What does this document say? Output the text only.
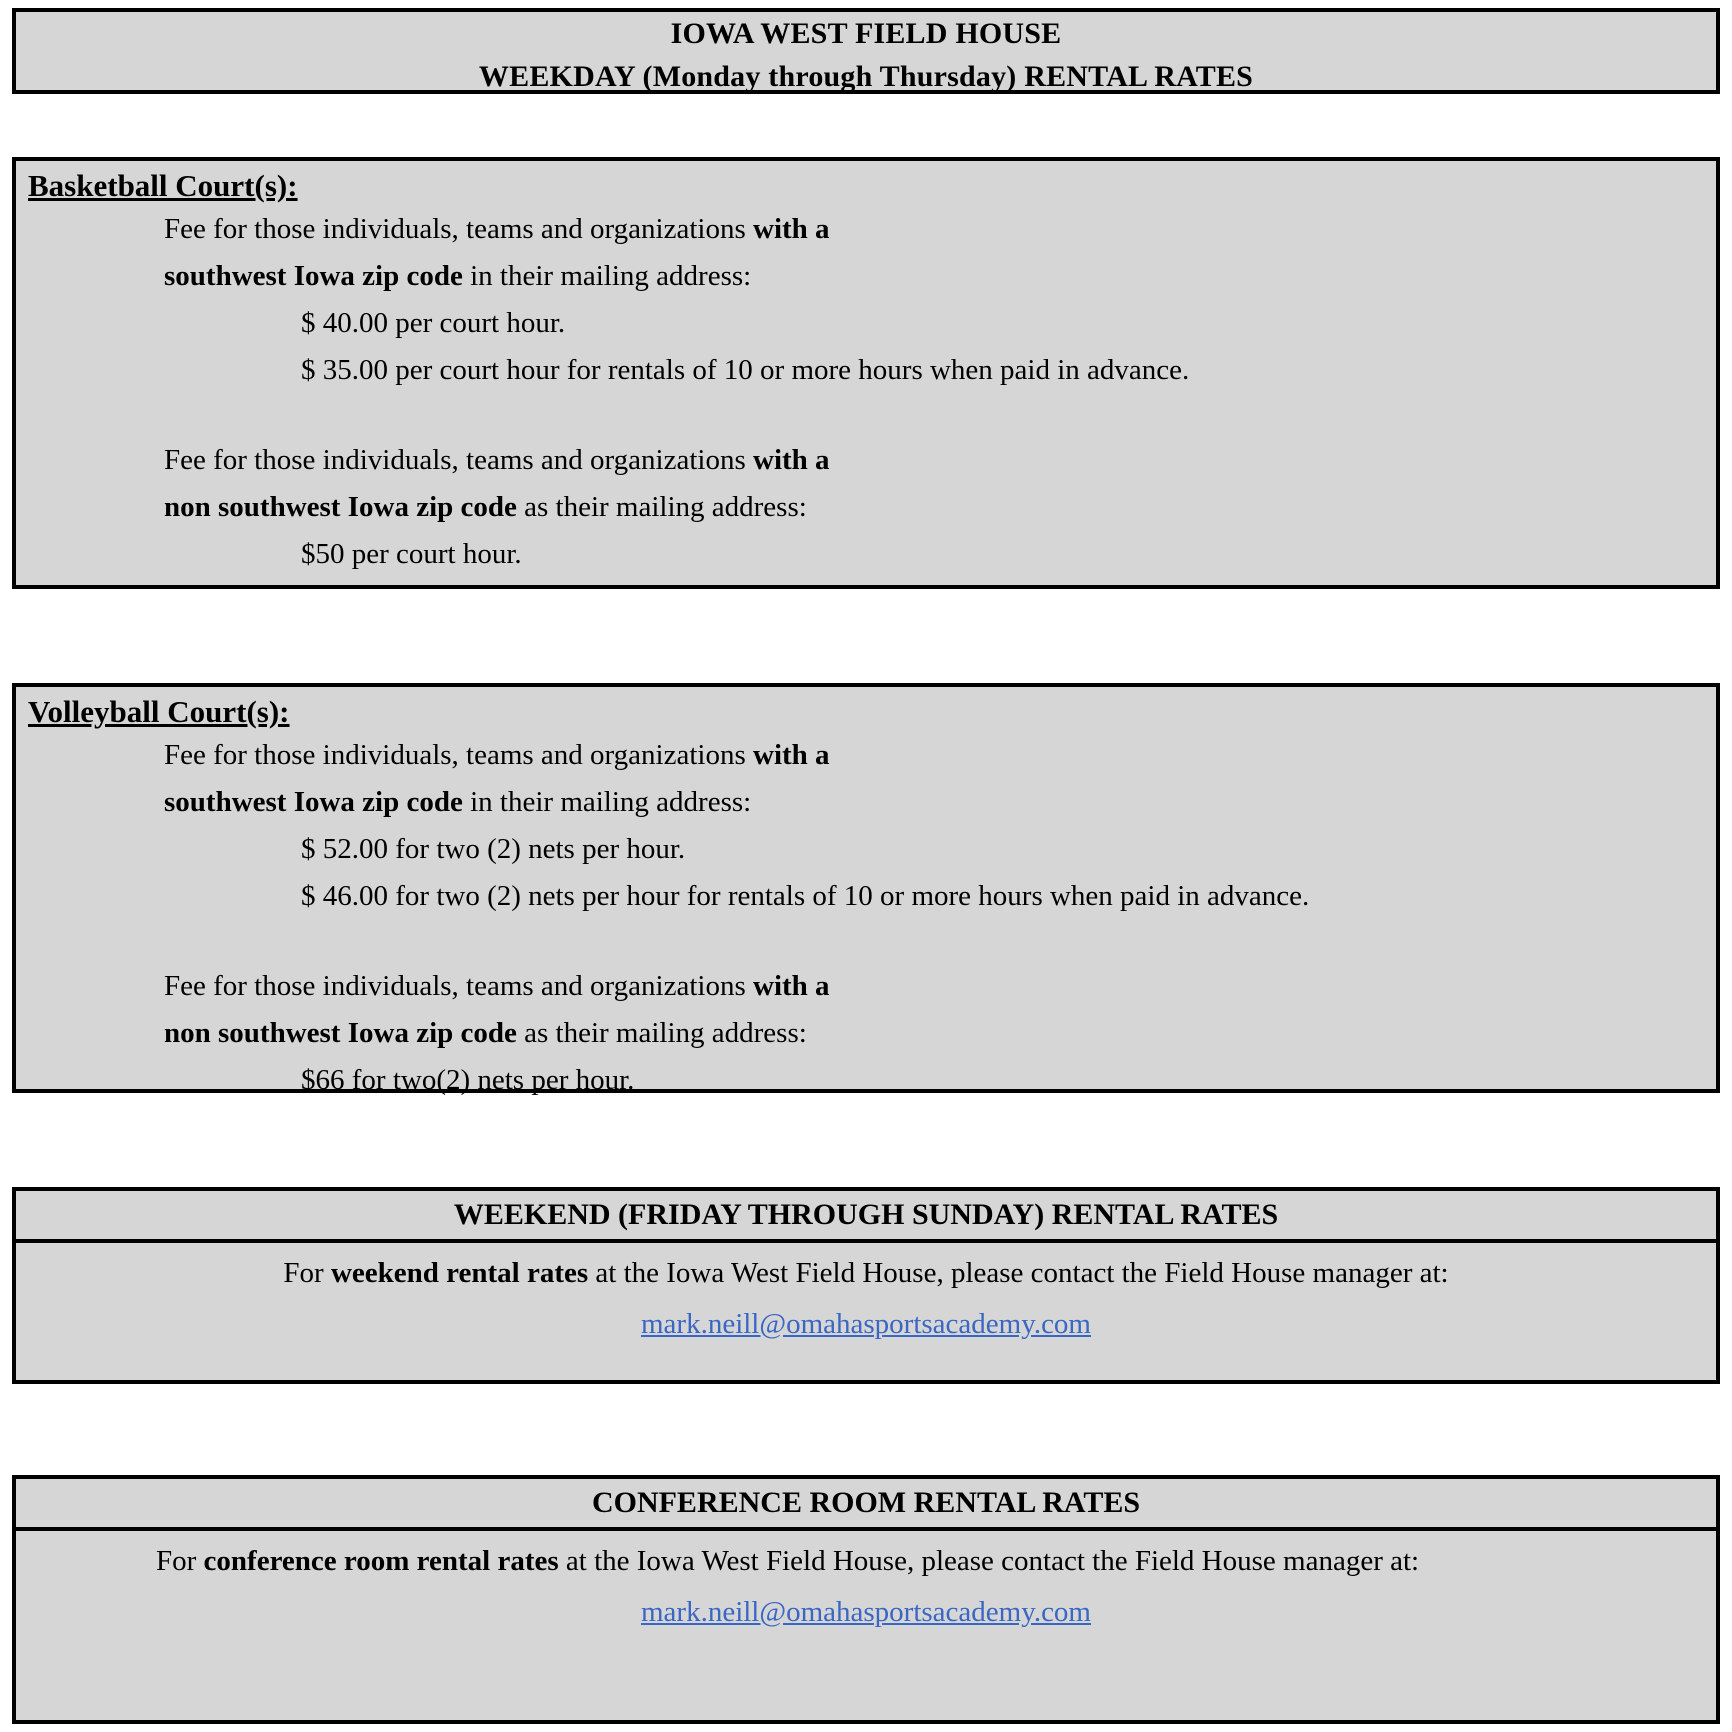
IOWA WEST FIELD HOUSE
WEEKDAY (Monday through Thursday) RENTAL RATES
Basketball Court(s):
Fee for those individuals, teams and organizations with a
southwest Iowa zip code in their mailing address:
$ 40.00 per court hour.
$ 35.00 per court hour for rentals of 10 or more hours when paid in advance.
Fee for those individuals, teams and organizations with a
non southwest Iowa zip code as their mailing address:
$50 per court hour.
Volleyball Court(s):
Fee for those individuals, teams and organizations with a
southwest Iowa zip code in their mailing address:
$ 52.00 for two (2) nets per hour.
$ 46.00 for two (2) nets per hour for rentals of 10 or more hours when paid in advance.
Fee for those individuals, teams and organizations with a
non southwest Iowa zip code as their mailing address:
$66 for two(2) nets per hour.
WEEKEND (FRIDAY THROUGH SUNDAY) RENTAL RATES
For weekend rental rates at the Iowa West Field House, please contact the Field House manager at:
mark.neill@omahasportsacademy.com
CONFERENCE ROOM RENTAL RATES
For conference room rental rates at the Iowa West Field House, please contact the Field House manager at:
mark.neill@omahasportsacademy.com
